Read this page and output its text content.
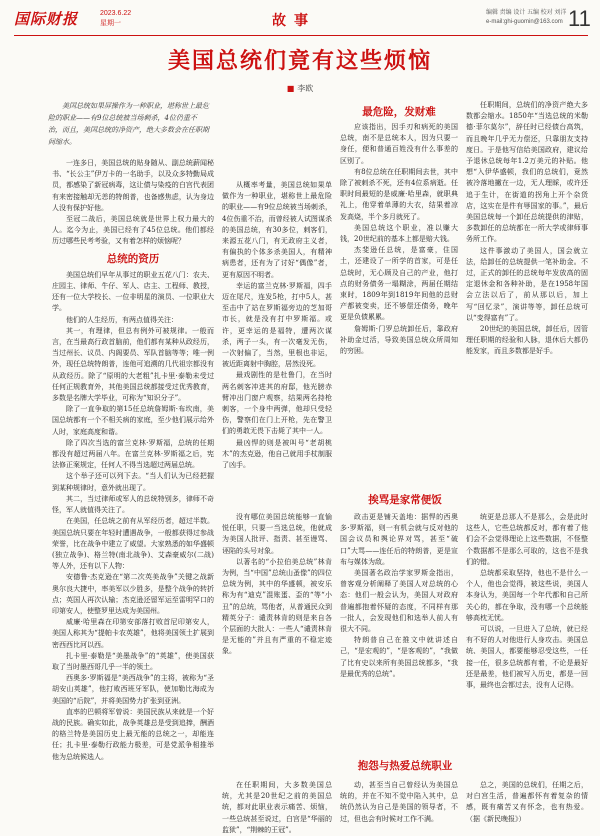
国际财报	2023.6.22
星期一	故事	编辑 责编 设计 五编 校对 刘洋
e-mail:ghi-guomin@163.com 11
美国总统们竟有这些烦恼
■ 李欧
美国总统如果屏操作为一种职业，堪称世上最危险的职业——有9位总统被当场刺杀，4位仍重不治，而且，美国总统的净资产，绝大多数会在任职期间缩水。

一连多日，美国总统的贴身随从、副总统薪闻秘书、“长公主”伊万卡的一名助手，以及众多特勤局成员，都感染了新冠病毒，这让债与染疫的白宫代表团有来密接触却无恙的特朗普，也备感焦虑，认为身边人没有保护好他。

至冠二战后，美国总统就是世界上权力最大的人。迄今为止，美国已经有了45位总统。他们都经历过哪些民考考验，又有着怎样的烦恼呢？

总统的资历

美国总统们早年从事过的职业五花八门：农夫、庄园主、律师、牛仔、军人、店主、工程师、教授，还有一位大学校长、一位非明星的演员、一位职业大学。

他们的人生经历，有两点值得关注：

其一，有理律，但总有例外可被规律。一般而言，在当最高行政首脑前，他们都有某种从政经历，当过州长、议员、内阁要员、军队首脑等等；唯一例外，现任总统特朗普，连他可追溯的几代祖宗都没有从政经历。除了“原明的大老粗”扎卡里·泰勒未受过任何正规教育外，其他美国总统都接受过优秀教育，多数是名牌大学毕业，可称为“知识分子”。

除了一直争取的第15任总统詹姆斯·布坎南，美国总统都有一个不相关病的家庭，至少他们展示给外人时，家庭高度和谐。

除了四次当选的富兰克林·罗斯福，总统的任期都没有超过两届八年。在富兰克林·罗斯福之后，宪法修正案规定，任何人不得当选超过两届总统。

这个举子还可以列下去。“当人们认为已经把握到某种规律时，意外就出现了。

其二，当过律师或军人的总统特别多，律师不奇怪，军人就值得关注了。

在美国，任总统之前有从军经历者，超过半数。美国总统只要在年轻时遭遇战争，一般都获得过参战荣誉，比在战争中建立了威望。大家熟悉的如华盛顿(独立战争)、格兰特(南北战争)、艾森豪威尔(二战)等人外，还有以下人物：

安德鲁·杰克逊在“第二次英美战争”关键之战新奥尔良大捷中，率美军以少胜多，是整个战争的转折点；英国人再次认输；杰克逊还留军运至雷明罕口的印第安人，使整罗里达成为美国州。

威廉·哈里森在印第安部落打败首尼印第安人，美国人称其为“提帕卡农英雄”，他将美国领土扩展到密西西比河以西。

扎卡里·泰勒是“美墨战争”的“英雄”，使美国获取了当时墨西哥几乎一半的领土。

西奥多·罗斯福是“美西战争”的主将，被称为“圣胡安山英雄”，他打败西班牙军队，使加勒比海成为美国的“后院”，并将美国势力扩张到亚洲。

直率的巴顿将军曾说：美国民族从来就是一个好战的民族。确实如此，战争英雄总是受到追捧，酬酒的格兰特是美国历史上最无能的总统之一，却能连任；扎卡里·泰勒行政能力极差，可是党派争相推举他为总统候选人。

从概率考量，美国总统如果单做作为一种职业，堪称世上最危险的职业——有9位总统被当场刺杀，4位伤重不治，而曾经被人试图谋杀的美国总统，有30多位，刺客们，来源五花八门，有无政府主义者，有偏执的个体多杀美国人，有精神病患者，还有为了讨好“偶像”者，更有原因不明者。

幸运的富兰克林·罗斯福，四手迈在尾尺，连发5枪，打中5人，甚至击中了站在罗斯福旁边的芝加哥市长，就是没有打中罗斯福。或许，更幸运的是福特，遭两次谋杀，两子一头，有一次毫发无伤，一次射偏了，当然，里根也非运，被近距离射中胸腔，居然没死。

最戏剧性的是杜鲁门，在当时两名刺客冲进其的府邸，他光膀赤臂冲出门窗户观察，结果两名持枪刺客，一个身中两弹，他却只受轻伤，警察们在门上开枪，先在警卫们的勇敢无畏下击毙了其中一人。

最凶悍的则是被叫号“老胡桃木”的杰克逊，他自己就用手杖制服了凶手。

最危险，发财难

应该指出，因手刃和病死的美国总统，南不是总统本人，因为只要一身任，便和普通百姓没有什么事差的区别了。

有8位总统在任职期间去世，其中除了被刺杀不死，还有4位系病逝。任职时间最短的是威廉·哈里森，就职典礼上，他穿着单薄的大衣，结果着凉发高烧，半个多月就死了。

美国总统这个职业，准以赚大钱，20世纪前的基本上都是赔大钱。

杰斐逊任总统，是富豪，住国土，还建设了一所学的首家，可是任总统时，无心顾及自己的产业，他打点的财务债务一塌糊涂，两届任期结束时，1809年到1819年间他的总财产都被变卖，还不够偿还债务，晚年更是负债累累。

詹姆斯·门罗总统卸任后，靠政府补助金过活，导致美国总统众所周知的穷困。

任职期间，总统们的净资产绝大多数都会缩水。1850年“当选总统的米勒德·菲尔莫尔”，辞任时已经债台高筑，而且晚年几乎无力偿还，只靠朋友支持度日。于是他写信给美国政府，建议给予退休总统每年1.2万美元的补贴。他想“入伊华盛顿，我们的总统们，竟然被冷落地撇在一边，无人理睬，或许还追于生计，在街道的拐角上开个杂货店，这实在是件有辱国家的事。”，最后美国总统每一个卸任总统提供的津贴，多数卸任的总统都在一所大学或律师事务所工作。

这件事激动了美国人，国会就立法，给卸任的总统提供一笔补助金。不过，正式的卸任的总统每年发放高的固定退休金和各种补助，是在1958年国会立法以后了，前从那以后，加上写“回忆录”，演讲等等，卸任总统可以“变得富有”了。

20世纪的美国总统，卸任后，因管理任职期的经验和人脉，退休后大都仍能发家，而且多数都是好手。

挨骂是家常便饭

没有哪位美国总统能够一直愉悦任职，只要一当选总统，他就成为美国人批评、指责、甚至谩骂、诬陷的头号对象。

以著名的“小拉伯美总统”林肯为例，当“中国”总统山蚤像”的四位总统为例，其中的华盛顿，被安乐称为有“迪克”混账蛋、歪的“等“小丑”的总统，骂他者，从普通民众到精英分子：谴责林肯的则是来自各个层面的大批人：一些人“谴责林肯是无能的”并且有严重的不稳定迹象。

政击更是铺天盖地：据悍的西奥多·罗斯福，则一有机会就与反对他的国会议员和舆论界对骂，甚至“破口”大骂——连任后的特朗普，更是宣布与媒体为敌。

美国著名政治学家罗斯金指出，曾客观分析阐释了美国人对总统的心态：他们一般会认为，美国人对政府普遍都抱着怀疑的态度，不同样有那一批人，会发现他们和选举人前人有很大不同。

特朗普自己在推文中就讲述自己，“是宏观的”，“是客观的”，“我做了比有史以来所有美国总统都多，“我是最优秀的总统”。

统更是总那人不是那么，会是此时这些人，它些总统都反对，都有着了他们会不会觉得理论上这些数据，不怪整个数据都不是那么可取的，这也不是我们的错。

总统都采取坚持，他也不是什么一个人，他也会觉得，被这些说，美国人本身认为，美国每一个年代都和自己所关心的，都在争取，没有哪一个总统能够高枕无忧。

可以说，一旦进入了总统，就已经有不好的人对他进行人身攻击。美国总统、美国人，都要能够忍受这些，一任接一任，很多总统都有着，不论是最好还是最差，他们被写入历史，都是一回事，最终也会都过去，没有人记得。

抱怨与热爱总统职业

在任职期间，大多数美国总统，尤其是20世纪之前的美国总统，都对此职业表示痛苦、烦恼，一些总统甚至说过，白宫是“华丽的监狱”，“荆棘的王冠”。

动，甚至当自己曾经认为美国总统的，并在不知不觉中陷入其中，总统仍然认为自己是美国的领导者，不过，但也会有时候对工作不满。

总之，美国的总统们，任期之后，对白宫生活，普遍都怀有着复杂的情感，既有痛苦又有怀念，也有热爱。 （据《新民晚报》）
